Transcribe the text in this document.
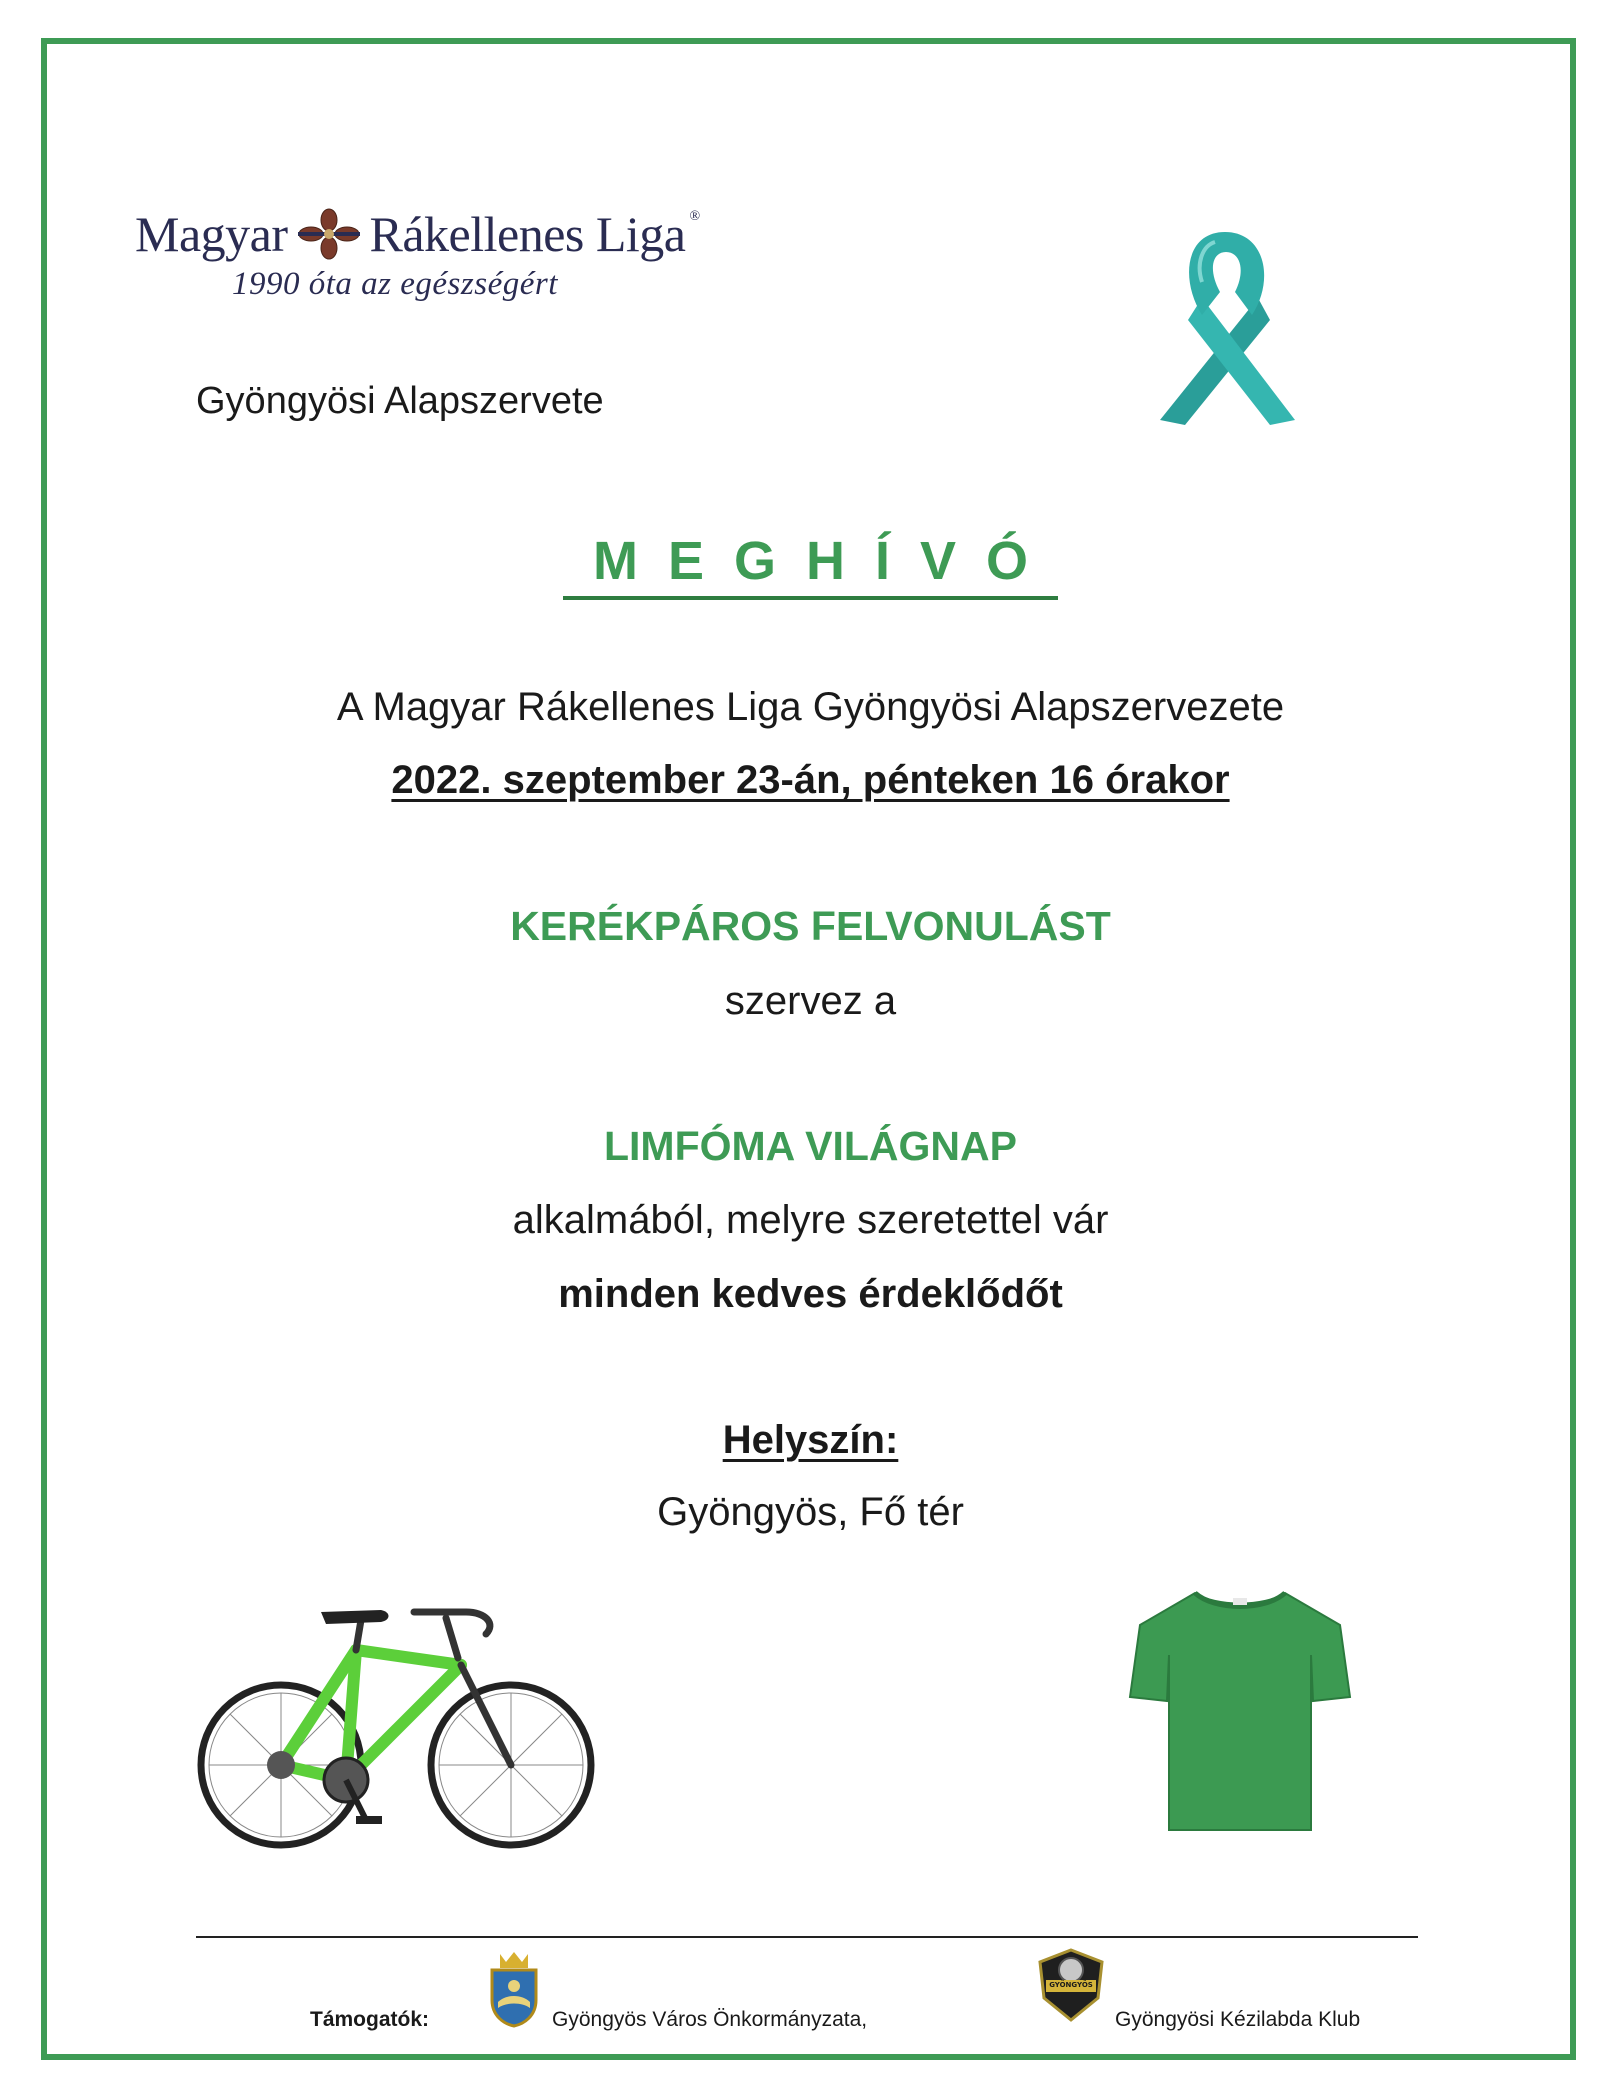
Magyar Rákellenes Liga ®
1990 óta az egészségért
Gyöngyösi Alapszervete
MEGHÍVÓ
A Magyar Rákellenes Liga Gyöngyösi Alapszervezete
2022. szeptember 23-án, pénteken 16 órakor
KERÉKPÁROS FELVONULÁST
szervez a
LIMFÓMA VILÁGNAP
alkalmából, melyre szeretettel vár
minden kedves érdeklődőt
Helyszín:
Gyöngyös, Fő tér
Támogatók:	Gyöngyös Város Önkormányzata,
GYÖNGYÖS
Gyöngyösi Kézilabda Klub
